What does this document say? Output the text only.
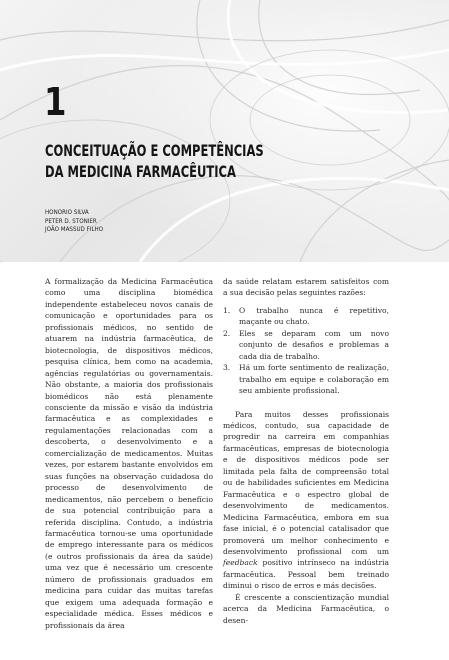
1
CONCEITUAÇÃO E COMPETÊNCIAS
DA MEDICINA FARMACÊUTICA
HONORIO SILVA
PETER D. STONIER
JOÃO MASSUD FILHO

A formalização da Medicina Farmacêutica como uma disciplina biomédica independente estabeleceu novos canais de comunicação e oportunidades para os profissionais médicos, no sentido de atuarem na indústria farmacêutica, de biotecnologia, de dispositivos médicos, pesquisa clínica, bem como na academia, agências regulatórias ou governamentais. Não obstante, a maioria dos profissionais biomédicos não está plenamente consciente da missão e visão da indústria farmacêutica e as complexidades e regulamentações relacionadas com a descoberta, o desenvolvimento e a comercialização de medicamentos. Muitas vezes, por estarem bastante envolvidos em suas funções na observação cuidadosa do processo de desenvolvimento de medicamentos, não percebem o benefício de sua potencial contribuição para a referida disciplina. Contudo, a indústria farmacêutica tornou-se uma oportunidade de emprego interessante para os médicos (e outros profissionais da área da saúde) uma vez que é necessário um crescente número de profissionais graduados em medicina para cuidar das muitas tarefas que exigem uma adequada formação e especialidade médica. Esses médicos e profissionais da área

da saúde relatam estarem satisfeitos com a sua decisão pelas seguintes razões:

1. O trabalho nunca é repetitivo, maçante ou chato.
2. Eles se deparam com um novo conjunto de desafios e problemas a cada dia de trabalho.
3. Há um forte sentimento de realização, trabalho em equipe e colaboração em seu ambiente profissional.

Para muitos desses profissionais médicos, contudo, sua capacidade de progredir na carreira em companhias farmacêuticas, empresas de biotecnologia e de dispositivos médicos pode ser limitada pela falta de compreensão total ou de habilidades suficientes em Medicina Farmacêutica e o espectro global de desenvolvimento de medicamentos. Medicina Farmacêutica, embora em sua fase inicial, é o potencial catalisador que promoverá um melhor conhecimento e desenvolvimento profissional com um feedback positivo intrínseco na indústria farmacêutica. Pessoal bem treinado diminui o risco de erros e más decisões.

É crescente a conscientização mundial acerca da Medicina Farmacêutica, o desen-
